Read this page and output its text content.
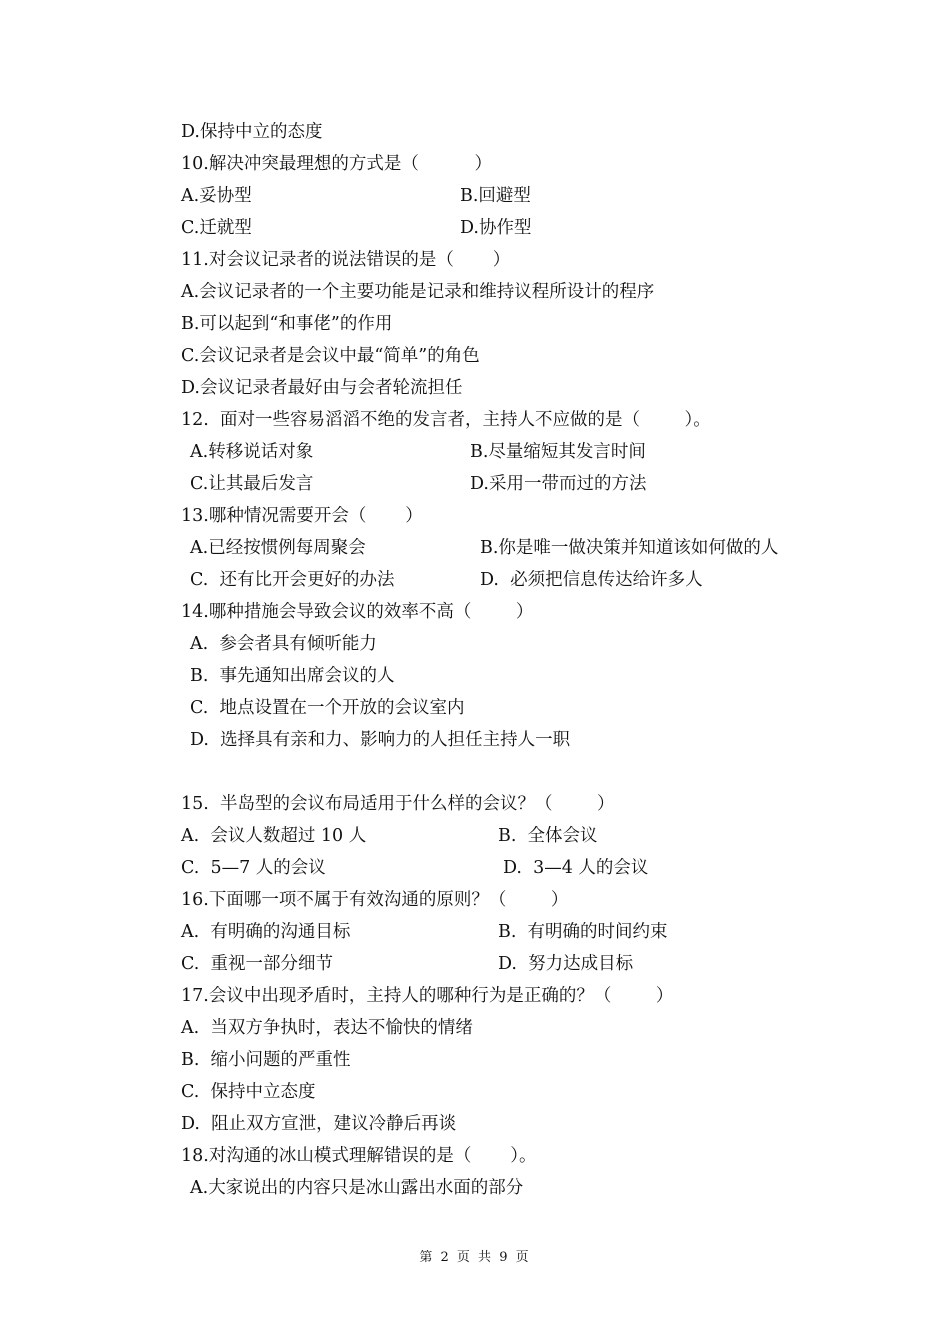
D.保持中立的态度

10.解决冲突最理想的方式是（          ）

A.妥协型	B.回避型

C.迁就型	D.协作型

11.对会议记录者的说法错误的是（       ）

A.会议记录者的一个主要功能是记录和维持议程所设计的程序

B.可以起到“和事佬”的作用

C.会议记录者是会议中最“简单”的角色

D.会议记录者最好由与会者轮流担任

12.  面对一些容易滔滔不绝的发言者，主持人不应做的是（        ）。

A.转移说话对象	B.尽量缩短其发言时间

C.让其最后发言	D.采用一带而过的方法

13.哪种情况需要开会（       ）

A.已经按惯例每周聚会	B.你是唯一做决策并知道该如何做的人

C.  还有比开会更好的办法	D.  必须把信息传达给许多人

14.哪种措施会导致会议的效率不高（        ）

A.  参会者具有倾听能力

B.  事先通知出席会议的人

C.  地点设置在一个开放的会议室内

D.  选择具有亲和力、影响力的人担任主持人一职

15.  半岛型的会议布局适用于什么样的会议？（        ）

A.  会议人数超过 10 人	B.  全体会议

C.  5—7 人的会议	D.  3—4 人的会议

16.下面哪一项不属于有效沟通的原则？（        ）

A.  有明确的沟通目标	B.  有明确的时间约束

C.  重视一部分细节	D.  努力达成目标

17.会议中出现矛盾时，主持人的哪种行为是正确的？（        ）

A.  当双方争执时，表达不愉快的情绪

B.  缩小问题的严重性

C.  保持中立态度

D.  阻止双方宣泄，建议冷静后再谈

18.对沟通的冰山模式理解错误的是（       ）。

A.大家说出的内容只是冰山露出水面的部分

第 2 页 共 9 页
